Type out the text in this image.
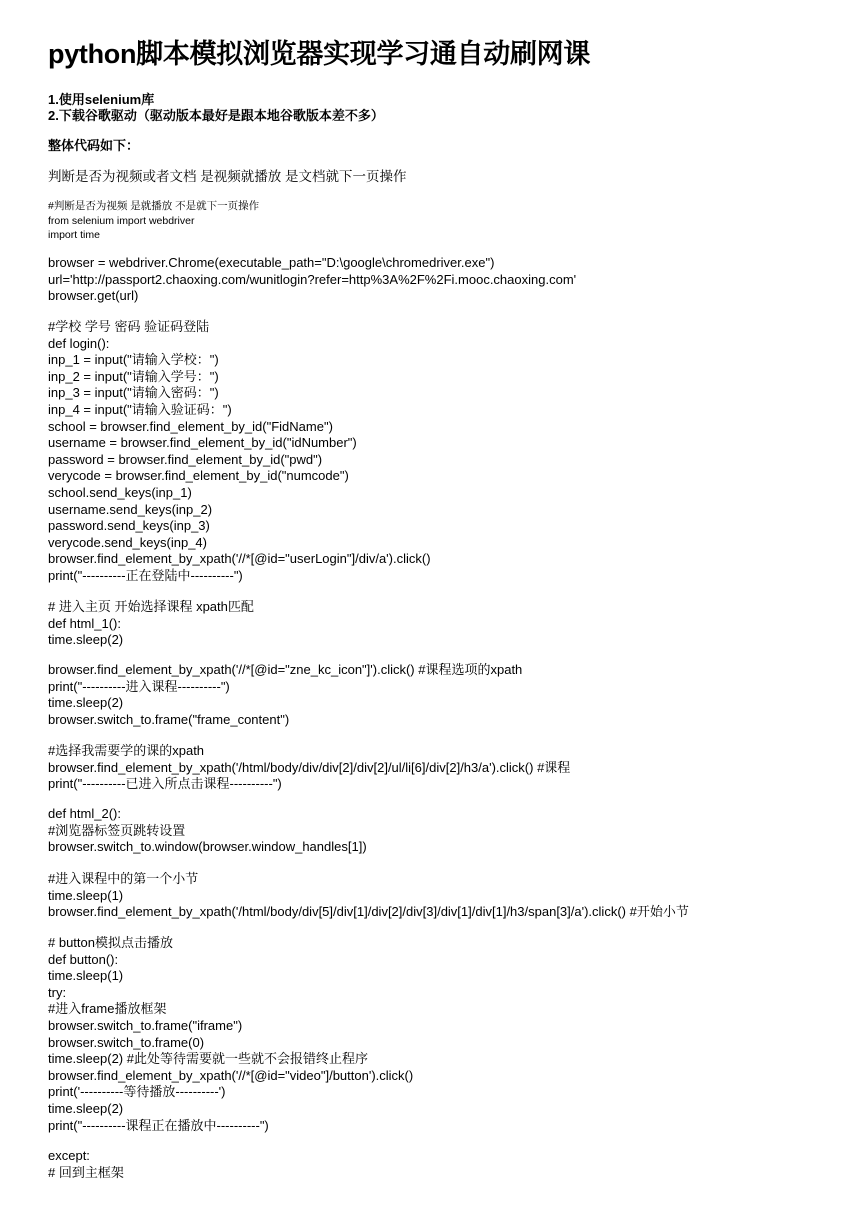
python脚本模拟浏览器实现学习通自动刷网课
1.使用selenium库
2.下载谷歌驱动（驱动版本最好是跟本地谷歌版本差不多）
整体代码如下：
判断是否为视频或者文档 是视频就播放 是文档就下一页操作
#判断是否为视频 是就播放 不是就下一页操作
from selenium import webdriver
import time
browser = webdriver.Chrome(executable_path="D:\google\chromedriver.exe")
url='http://passport2.chaoxing.com/wunitlogin?refer=http%3A%2F%2Fi.mooc.chaoxing.com'
browser.get(url)
#学校 学号 密码 验证码登陆
def login():
inp_1 = input("请输入学校：")
inp_2 = input("请输入学号：")
inp_3 = input("请输入密码：")
inp_4 = input("请输入验证码：")
school = browser.find_element_by_id("FidName")
username = browser.find_element_by_id("idNumber")
password = browser.find_element_by_id("pwd")
verycode = browser.find_element_by_id("numcode")
school.send_keys(inp_1)
username.send_keys(inp_2)
password.send_keys(inp_3)
verycode.send_keys(inp_4)
browser.find_element_by_xpath('//*[@id="userLogin"]/div/a').click()
print("----------正在登陆中----------")
# 进入主页 开始选择课程 xpath匹配
def html_1():
time.sleep(2)
browser.find_element_by_xpath('//*[@id="zne_kc_icon"]').click() #课程选项的xpath
print("----------进入课程----------")
time.sleep(2)
browser.switch_to.frame("frame_content")
#选择我需要学的课的xpath
browser.find_element_by_xpath('/html/body/div/div[2]/div[2]/ul/li[6]/div[2]/h3/a').click() #课程
print("----------已进入所点击课程----------")
def html_2():
#浏览器标签页跳转设置
browser.switch_to.window(browser.window_handles[1])
#进入课程中的第一个小节
time.sleep(1)
browser.find_element_by_xpath('/html/body/div[5]/div[1]/div[2]/div[3]/div[1]/div[1]/h3/span[3]/a').click() #开始小节
# button模拟点击播放
def button():
time.sleep(1)
try:
#进入frame播放框架
browser.switch_to.frame("iframe")
browser.switch_to.frame(0)
time.sleep(2) #此处等待需要就一些就不会报错终止程序
browser.find_element_by_xpath('//*[@id="video"]/button').click()
print('----------等待播放----------')
time.sleep(2)
print("----------课程正在播放中----------")
except:
# 回到主框架
